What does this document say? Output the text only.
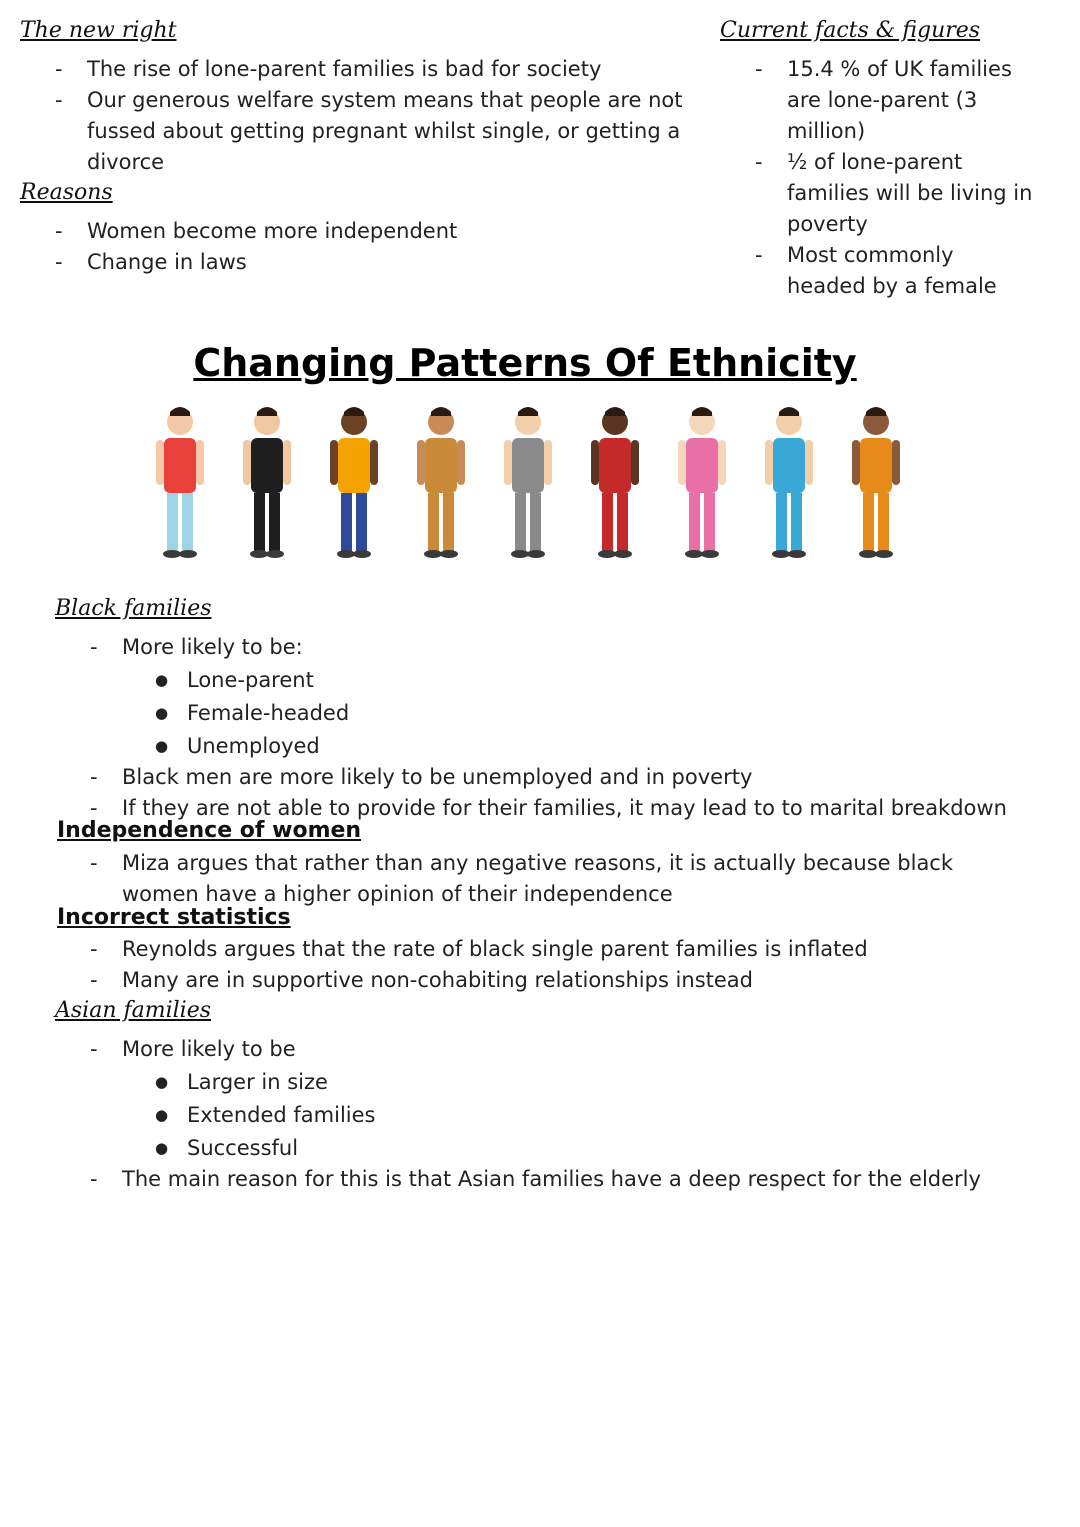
The new right

- The rise of lone-parent families is bad for society

- Our generous welfare system means that people are not fussed about getting pregnant whilst single, or getting a divorce

Reasons

- Women become more independent

- Change in laws

Current facts & figures

- 15.4 % of UK families are lone-parent (3 million)

- ½ of lone-parent families will be living in poverty

- Most commonly headed by a female

Changing Patterns Of Ethnicity
Black families

- More likely to be:

● Lone-parent

● Female-headed

● Unemployed

- Black men are more likely to be unemployed and in poverty

- If they are not able to provide for their families, it may lead to to marital breakdown

Independence of women

- Miza argues that rather than any negative reasons, it is actually because black women have a higher opinion of their independence

Incorrect statistics

- Reynolds argues that the rate of black single parent families is inflated

- Many are in supportive non-cohabiting relationships instead

Asian families

- More likely to be

● Larger in size

● Extended families

● Successful

- The main reason for this is that Asian families have a deep respect for the elderly
